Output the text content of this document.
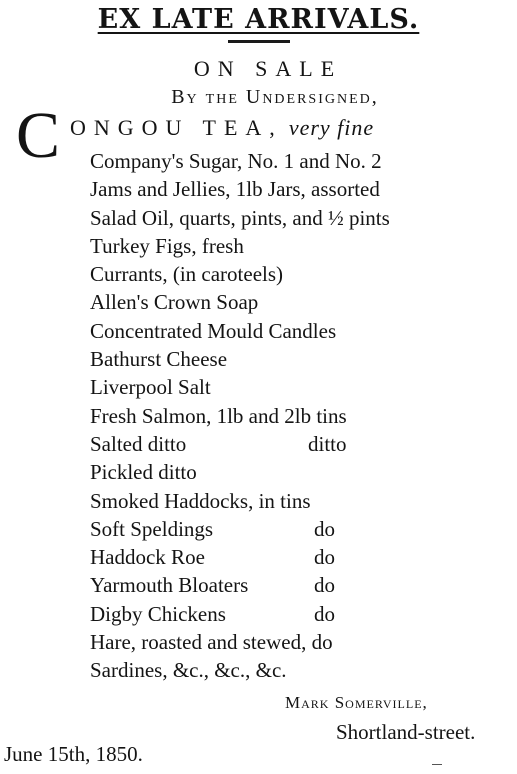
EX LATE ARRIVALS.
ON SALE
By the Undersigned,
C ONGOU TEA, very fine
Company's Sugar, No. 1 and No. 2
Jams and Jellies, 1lb Jars, assorted
Salad Oil, quarts, pints, and ½ pints
Turkey Figs, fresh
Currants, (in caroteels)
Allen's Crown Soap
Concentrated Mould Candles
Bathurst Cheese
Liverpool Salt
Fresh Salmon, 1lb and 2lb tins
Salted ditto	ditto
Pickled ditto
Smoked Haddocks, in tins
Soft Speldings	do
Haddock Roe	do
Yarmouth Bloaters	do
Digby Chickens	do
Hare, roasted and stewed, do
Sardines, &c., &c., &c.
Mark Somerville,
Shortland-street.
June 15th, 1850.
